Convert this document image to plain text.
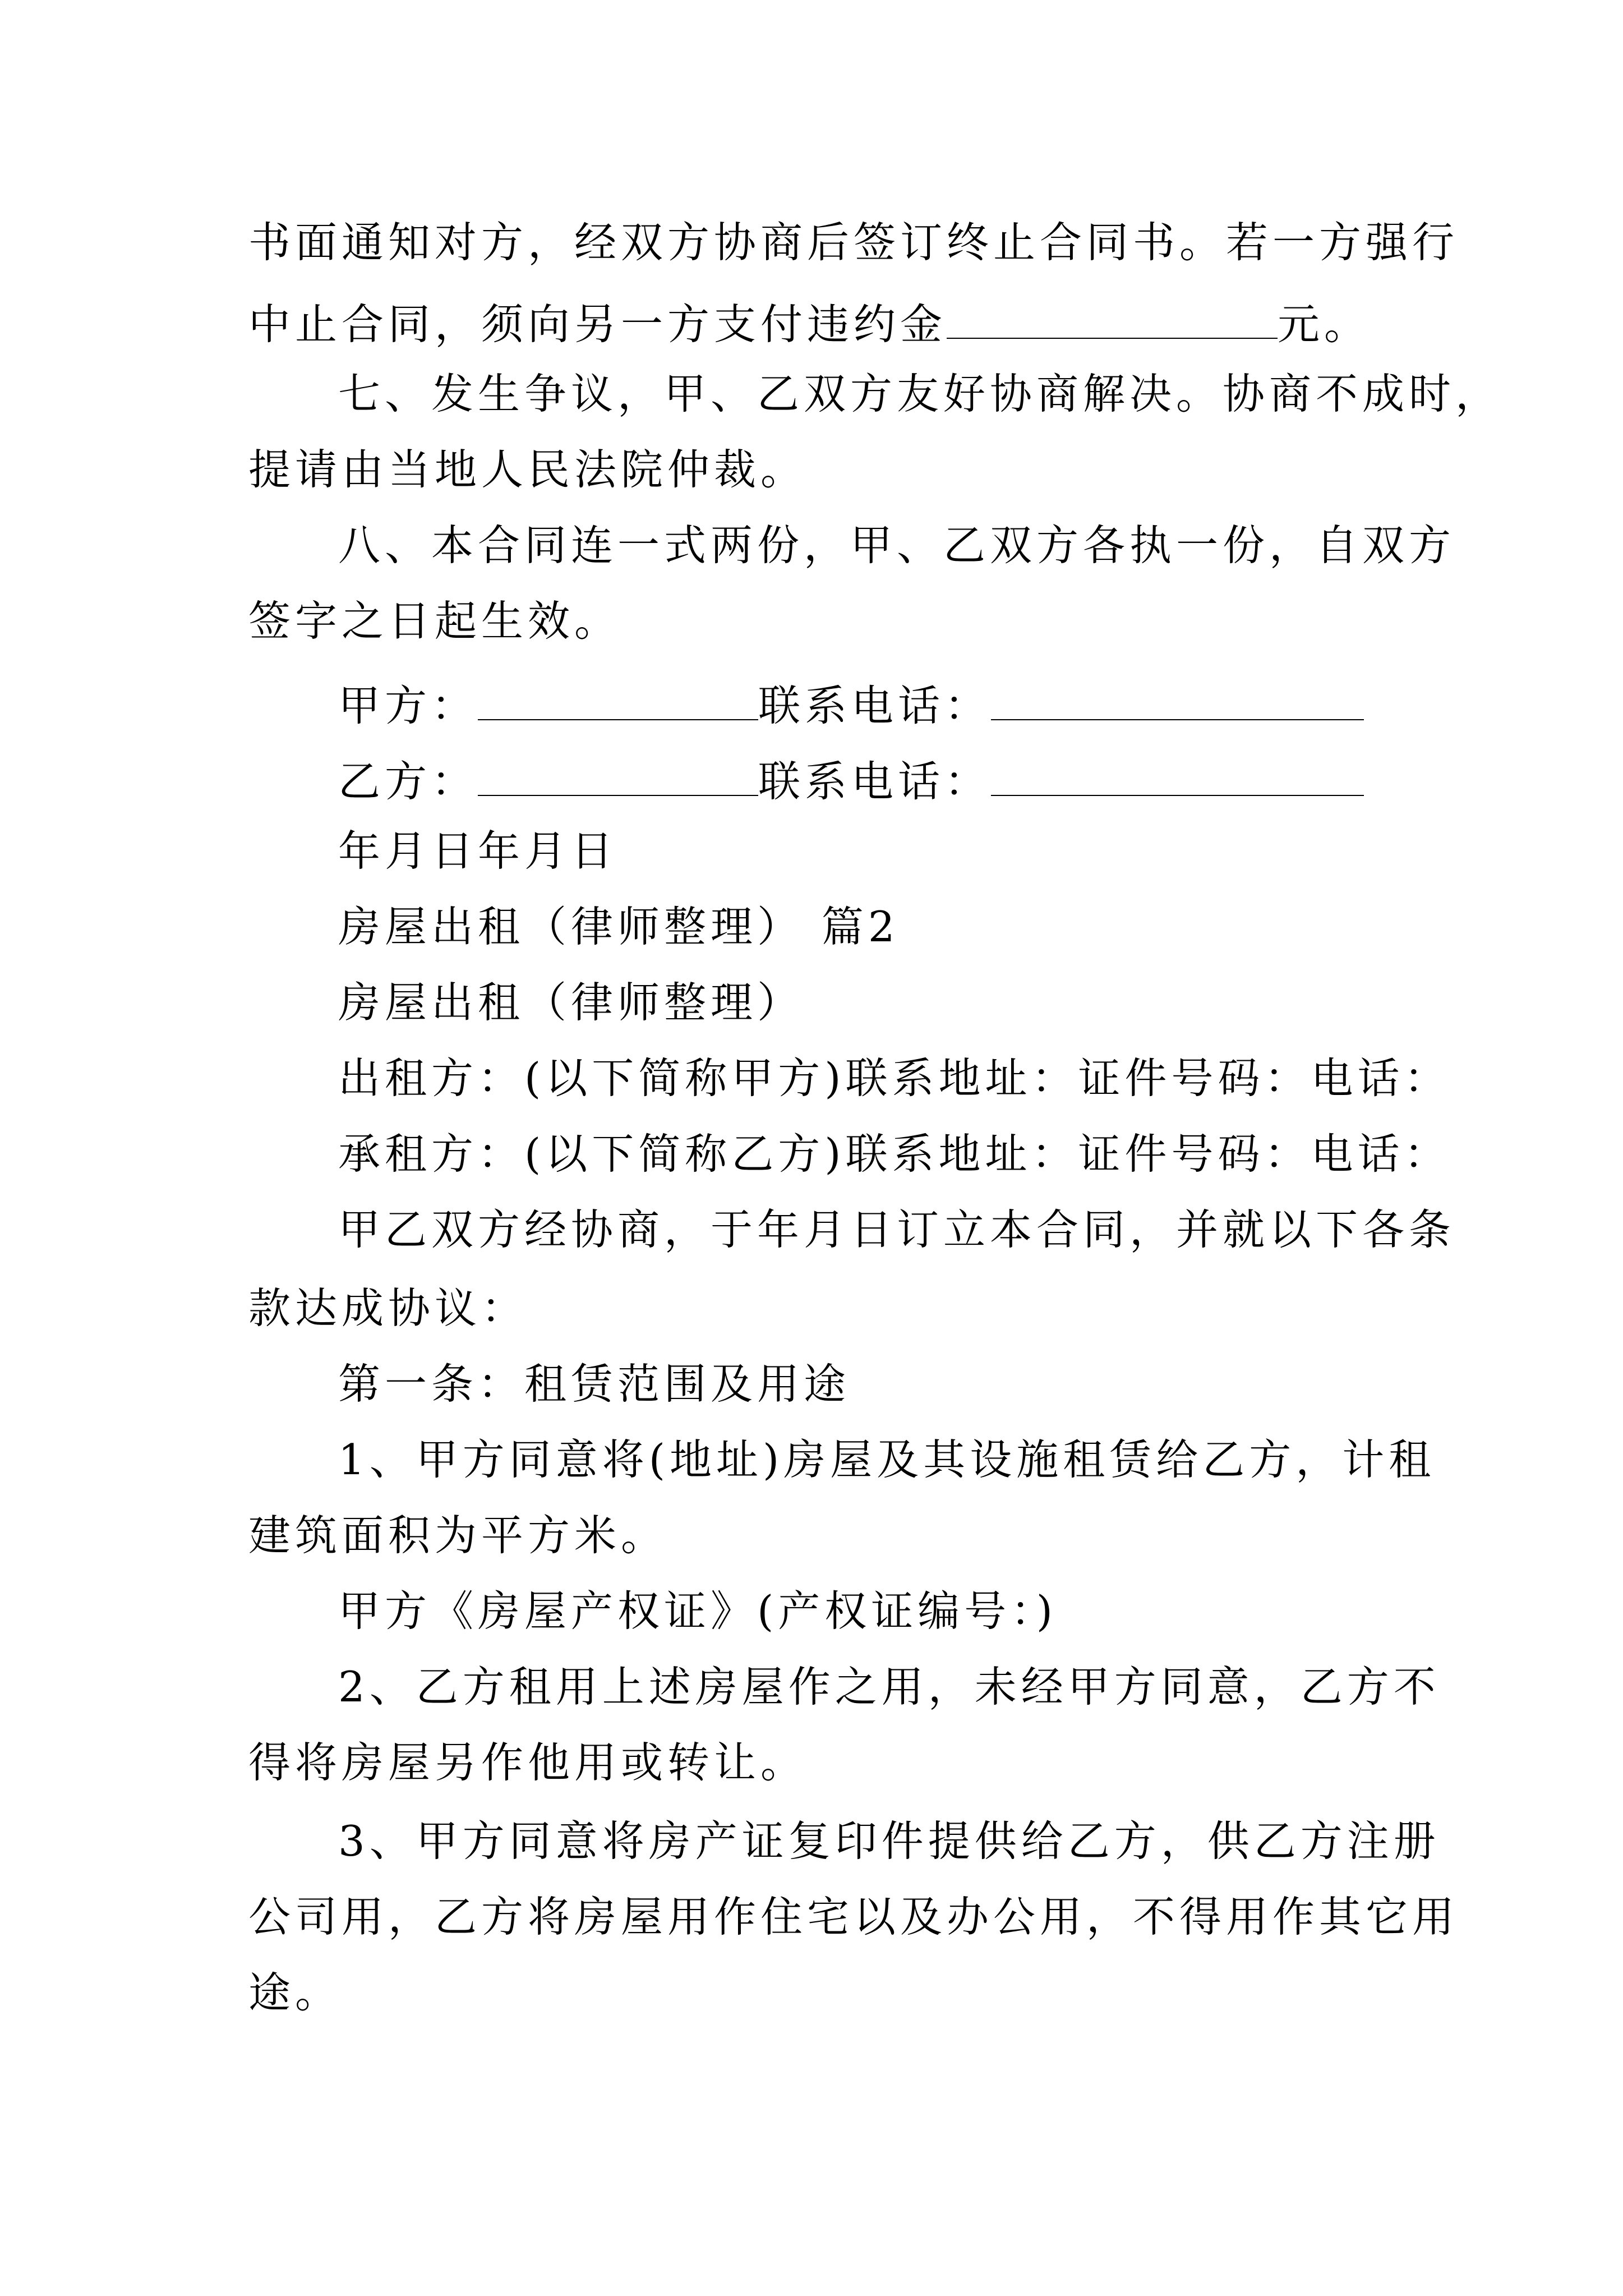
书面通知对方，经双方协商后签订终止合同书。若一方强行
中止合同，须向另一方支付违约金	元。
七、发生争议，甲、乙双方友好协商解决。协商不成时，
提请由当地人民法院仲裁。
八、本合同连一式两份，甲、乙双方各执一份，自双方
签字之日起生效。
甲方：	联系电话：
乙方：	联系电话：
年月日年月日
房屋出租（律师整理） 篇2
房屋出租（律师整理）
出租方：(以下简称甲方)联系地址：证件号码：电话：
承租方：(以下简称乙方)联系地址：证件号码：电话：
甲乙双方经协商，于年月日订立本合同，并就以下各条
款达成协议：
第一条：租赁范围及用途
1、甲方同意将(地址)房屋及其设施租赁给乙方，计租
建筑面积为平方米。
甲方《房屋产权证》(产权证编号：)
2、乙方租用上述房屋作之用，未经甲方同意，乙方不
得将房屋另作他用或转让。
3、甲方同意将房产证复印件提供给乙方，供乙方注册
公司用，乙方将房屋用作住宅以及办公用，不得用作其它用
途。
